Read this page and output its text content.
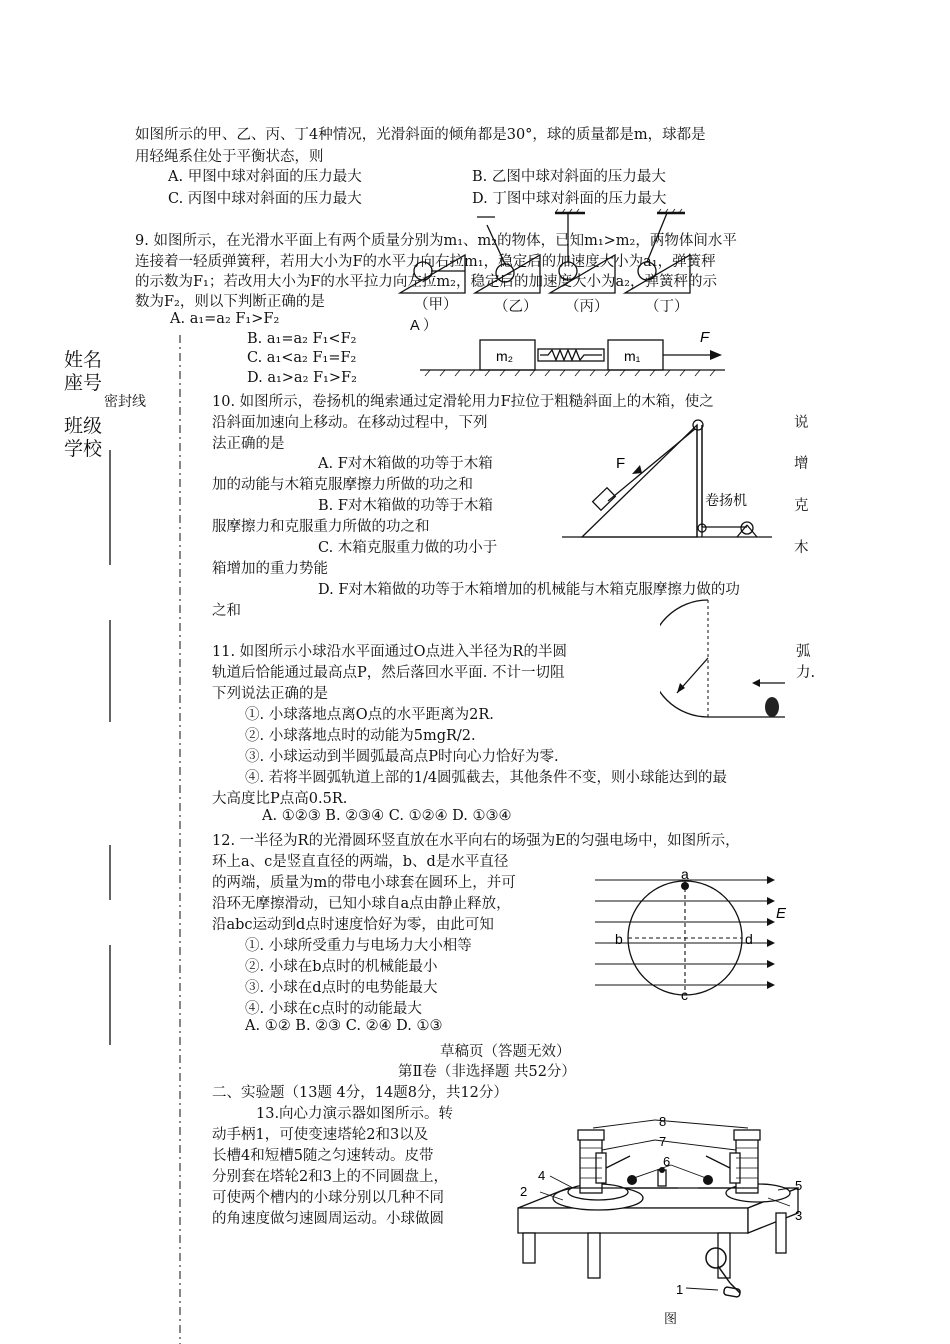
如图所示的甲、乙、丙、丁4种情况，光滑斜面的倾角都是30°，球的质量都是m，球都是
用轻绳系住处于平衡状态，则
A. 甲图中球对斜面的压力最大	B. 乙图中球对斜面的压力最大
C. 丙图中球对斜面的压力最大	D. 丁图中球对斜面的压力最大
（甲）	（乙） （丙）	（丁）
A ）
9. 如图所示，在光滑水平面上有两个质量分别为m₁、m₂的物体，已知m₁>m₂，两物体间水平
连接着一轻质弹簧秤，若用大小为F的水平力向右拉m₁，稳定后的加速度大小为a₁，弹簧秤
的示数为F₁；若改用大小为F的水平拉力向左拉m₂，稳定后的加速度大小为a₂，弹簧秤的示
数为F₂，则以下判断正确的是
A. a₁=a₂ F₁>F₂
B. a₁=a₂ F₁<F₂
C. a₁<a₂ F₁=F₂
D. a₁>a₂ F₁>F₂
m₂	m₁
F
姓名
座号
密封线
班级
学校
10. 如图所示，卷扬机的绳索通过定滑轮用力F拉位于粗糙斜面上的木箱，使之
沿斜面加速向上移动。在移动过程中，下列	说
法正确的是
A. F对木箱做的功等于木箱	增
加的动能与木箱克服摩擦力所做的功之和
B. F对木箱做的功等于木箱	克
服摩擦力和克服重力所做的功之和
C. 木箱克服重力做的功小于	木
箱增加的重力势能
D. F对木箱做的功等于木箱增加的机械能与木箱克服摩擦力做的功
之和
F
卷扬机
11. 如图所示小球沿水平面通过O点进入半径为R的半圆	弧
轨道后恰能通过最高点P，然后落回水平面. 不计一切阻	力.
下列说法正确的是
①. 小球落地点离O点的水平距离为2R.
②. 小球落地点时的动能为5mgR/2.
③. 小球运动到半圆弧最高点P时向心力恰好为零.
④. 若将半圆弧轨道上部的1/4圆弧截去，其他条件不变，则小球能达到的最
大高度比P点高0.5R.
A. ①②③ B. ②③④ C. ①②④ D. ①③④
12. 一半径为R的光滑圆环竖直放在水平向右的场强为E的匀强电场中，如图所示，
环上a、c是竖直直径的两端，b、d是水平直径
的两端，质量为m的带电小球套在圆环上，并可
沿环无摩擦滑动，已知小球自a点由静止释放，
沿abc运动到d点时速度恰好为零，由此可知
①. 小球所受重力与电场力大小相等
②. 小球在b点时的机械能最小
③. 小球在d点时的电势能最大
④. 小球在c点时的动能最大
A. ①② B. ②③ C. ②④ D. ①③
a
b	d
c
E
草稿页（答题无效）
第Ⅱ卷（非选择题 共52分）
二、实验题（13题 4分，14题8分，共12分）
13.向心力演示器如图所示。转
动手柄1，可使变速塔轮2和3以及
长槽4和短槽5随之匀速转动。皮带
分别套在塔轮2和3上的不同圆盘上，
可使两个槽内的小球分别以几种不同
的角速度做匀速圆周运动。小球做圆
8
7
6
4
5
2
3
1
图
